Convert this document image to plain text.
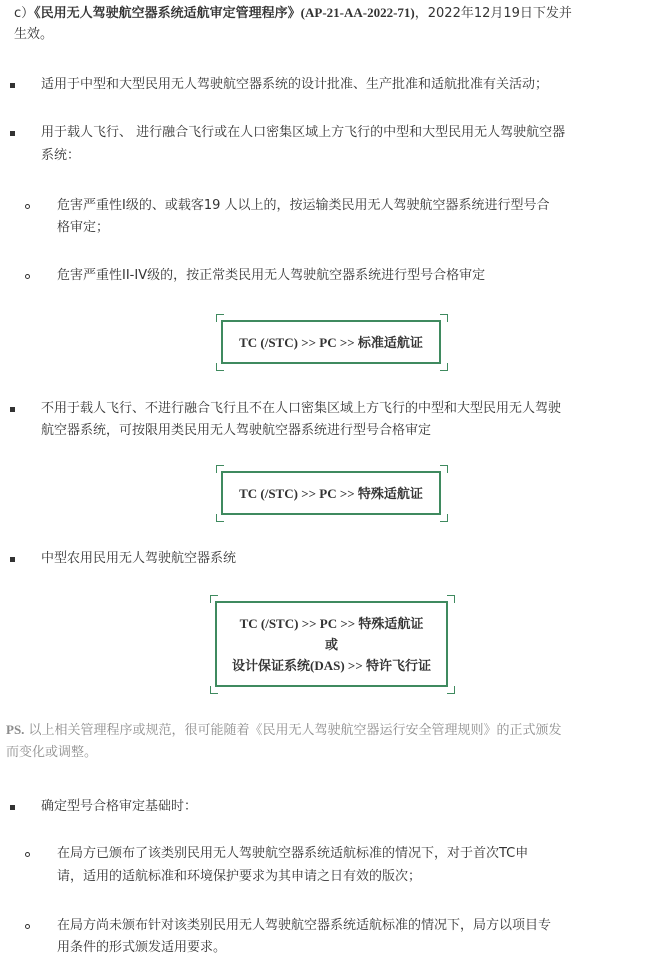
c）《民用无人驾驶航空器系统适航审定管理程序》(AP-21-AA-2022-71)，2022年12月19日下发并
生效。
适用于中型和大型民用无人驾驶航空器系统的设计批准、生产批准和适航批准有关活动；
用于载人飞行、 进行融合飞行或在人口密集区域上方飞行的中型和大型民用无人驾驶航空器
系统：
危害严重性I级的、或载客19 人以上的，按运输类民用无人驾驶航空器系统进行型号合
格审定；
危害严重性II-IV级的，按正常类民用无人驾驶航空器系统进行型号合格审定
TC (/STC) >> PC >> 标准适航证
不用于载人飞行、不进行融合飞行且不在人口密集区域上方飞行的中型和大型民用无人驾驶
航空器系统，可按限用类民用无人驾驶航空器系统进行型号合格审定
TC (/STC) >> PC >> 特殊适航证
中型农用民用无人驾驶航空器系统
TC (/STC) >> PC >> 特殊适航证
或
设计保证系统(DAS) >> 特许飞行证
PS. 以上相关管理程序或规范，很可能随着《民用无人驾驶航空器运行安全管理规则》的正式颁发
而变化或调整。
确定型号合格审定基础时：
在局方已颁布了该类别民用无人驾驶航空器系统适航标准的情况下，对于首次TC申
请，适用的适航标准和环境保护要求为其申请之日有效的版次；
在局方尚未颁布针对该类别民用无人驾驶航空器系统适航标准的情况下，局方以项目专
用条件的形式颁发适用要求。
